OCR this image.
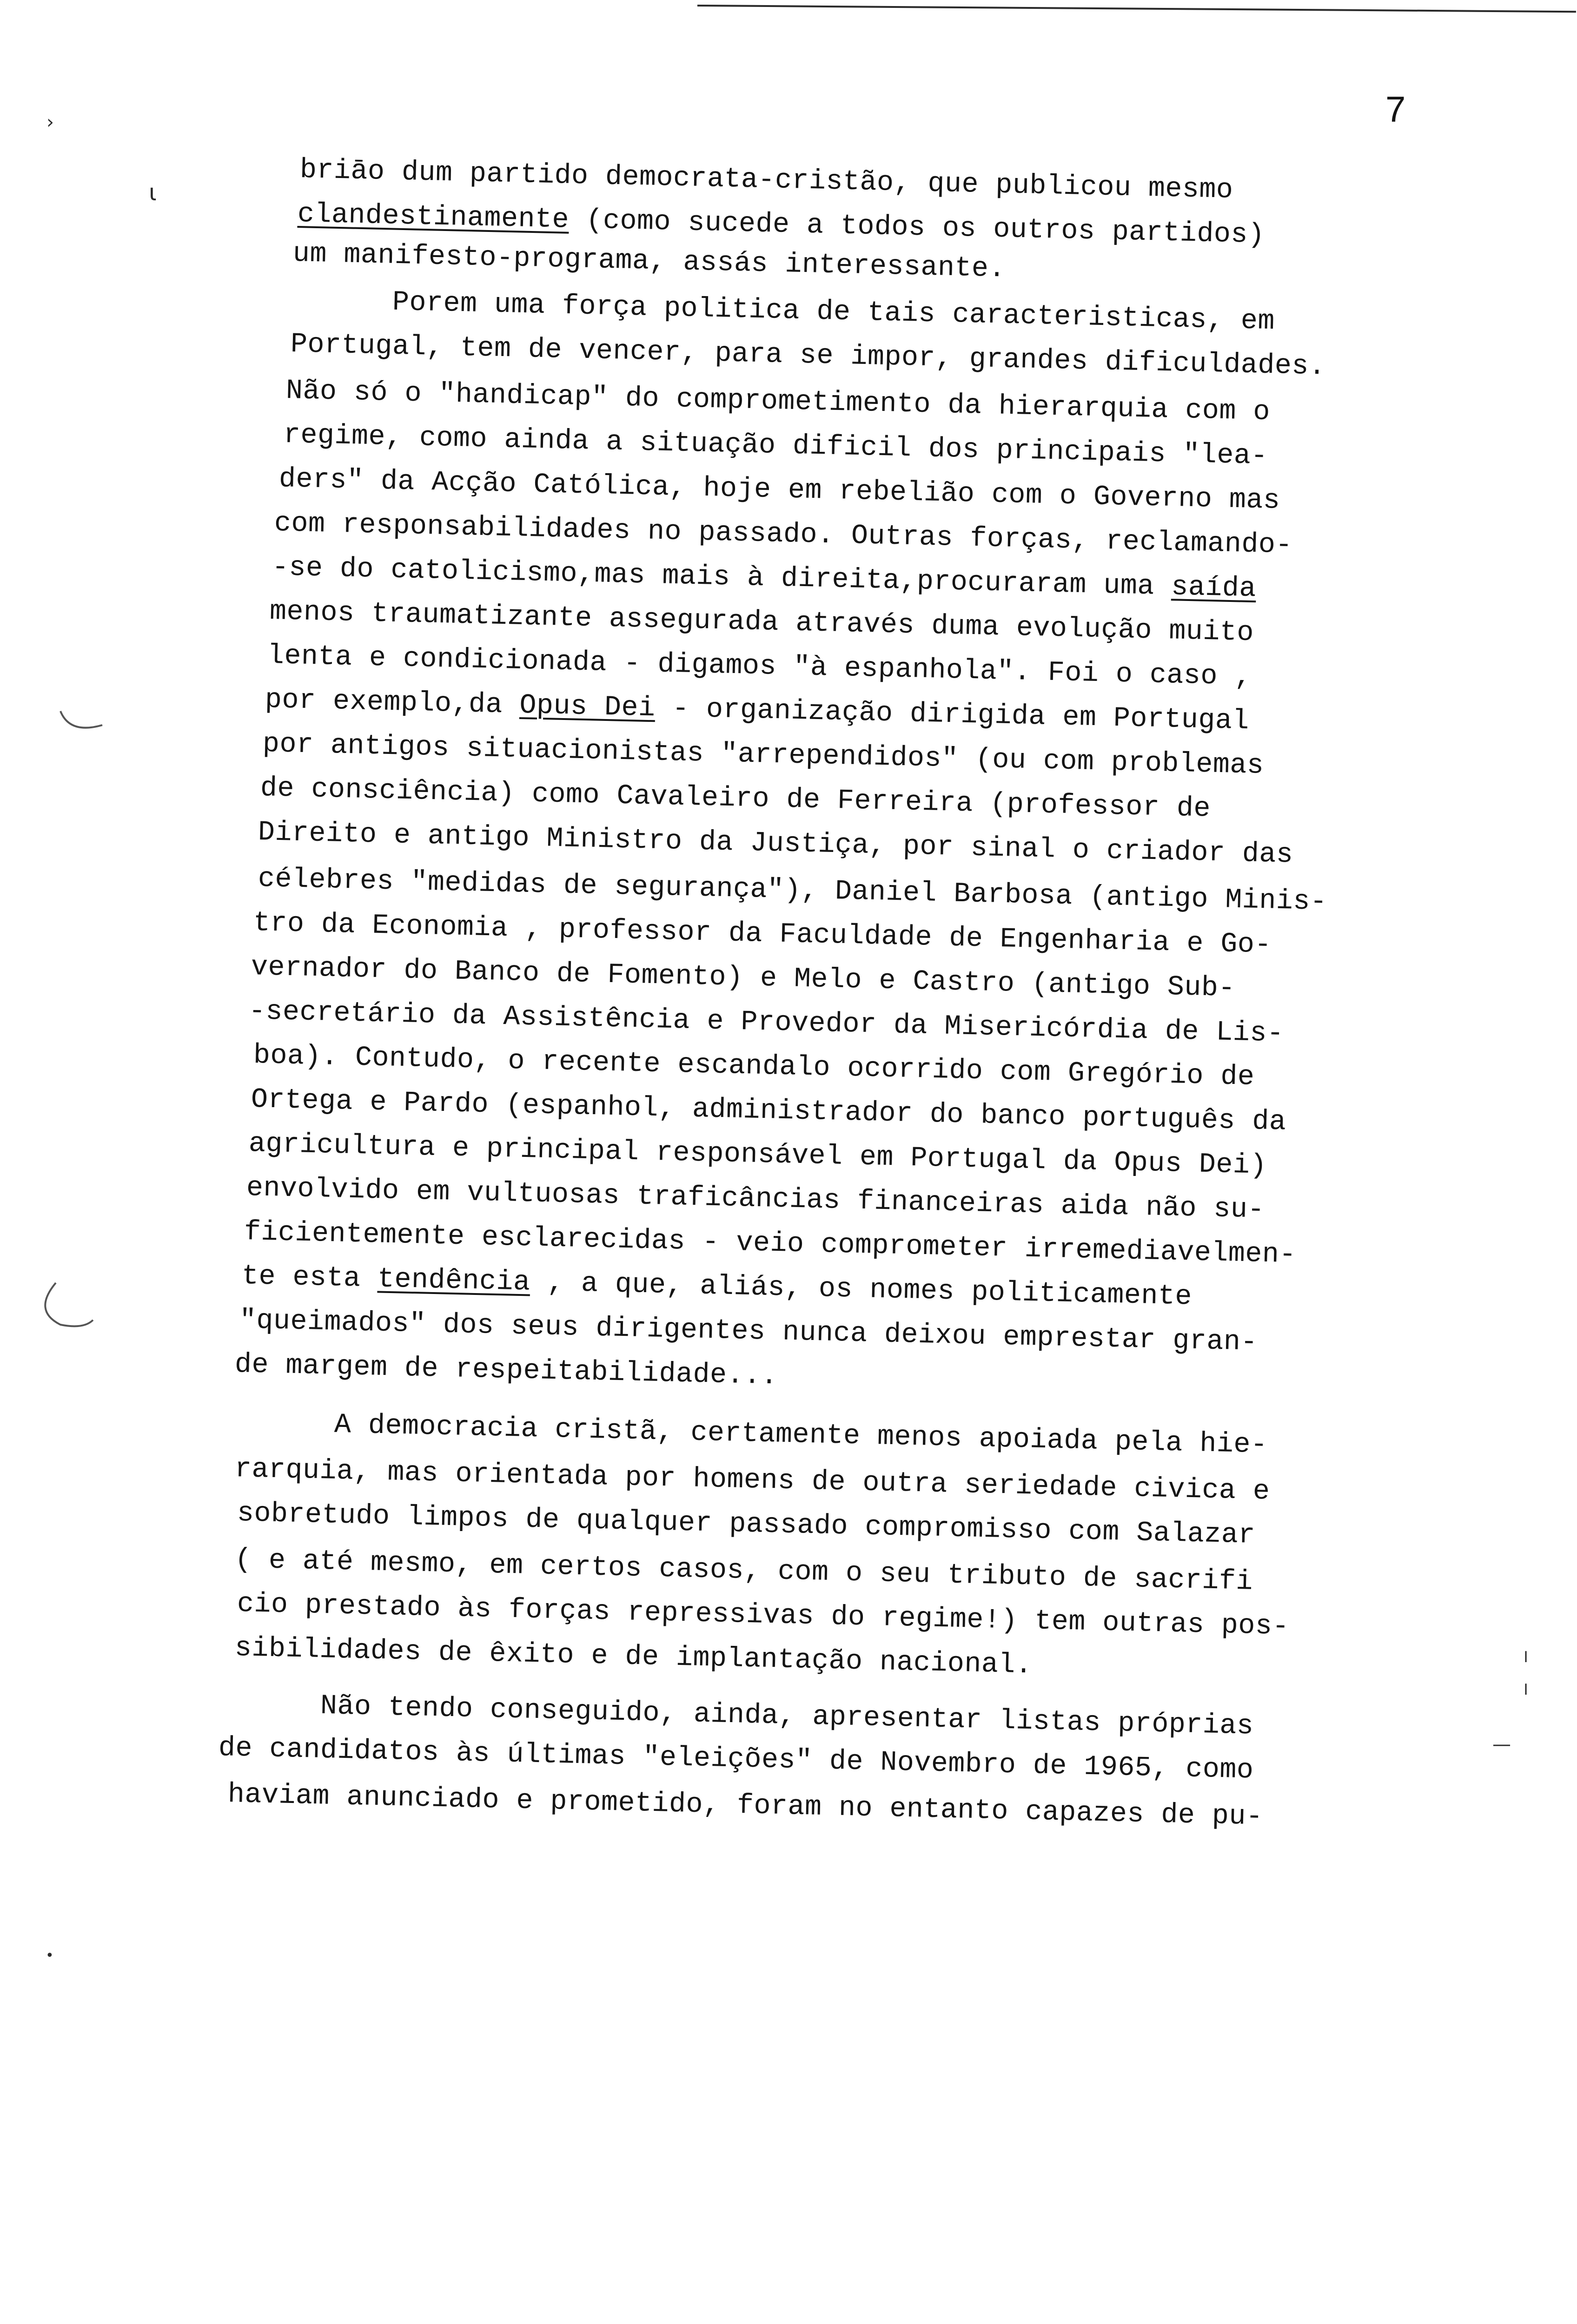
7
›
ɩ
•
╷
╷
—
briāo dum partido democrata-cristão, que publicou mesmo
clandestinamente (como sucede a todos os outros partidos)
um manifesto-programa, assás interessante.
Porem uma força politica de tais caracteristicas, em
Portugal, tem de vencer, para se impor, grandes dificuldades.
Não só o "handicap" do comprometimento da hierarquia com o
regime, como ainda a situação dificil dos principais "lea-
ders" da Acção Católica, hoje em rebelião com o Governo mas
com responsabilidades no passado. Outras forças, reclamando-
-se do catolicismo,mas mais à direita,procuraram uma saída
menos traumatizante assegurada através duma evolução muito
lenta e condicionada - digamos "à espanhola". Foi o caso ,
por exemplo,da Opus Dei - organização dirigida em Portugal
por antigos situacionistas "arrependidos" (ou com problemas
de consciência) como Cavaleiro de Ferreira (professor de
Direito e antigo Ministro da Justiça, por sinal o criador das
célebres "medidas de segurança"), Daniel Barbosa (antigo Minis-
tro da Economia , professor da Faculdade de Engenharia e Go-
vernador do Banco de Fomento) e Melo e Castro (antigo Sub-
-secretário da Assistência e Provedor da Misericórdia de Lis-
boa). Contudo, o recente escandalo ocorrido com Gregório de
Ortega e Pardo (espanhol, administrador do banco português da
agricultura e principal responsável em Portugal da Opus Dei)
envolvido em vultuosas traficâncias financeiras aida não su-
ficientemente esclarecidas - veio comprometer irremediavelmen-
te esta tendência , a que, aliás, os nomes politicamente
"queimados" dos seus dirigentes nunca deixou emprestar gran-
de margem de respeitabilidade...
A democracia cristã, certamente menos apoiada pela hie-
rarquia, mas orientada por homens de outra seriedade civica e
sobretudo limpos de qualquer passado compromisso com Salazar
( e até mesmo, em certos casos, com o seu tributo de sacrifi
cio prestado às forças repressivas do regime!) tem outras pos-
sibilidades de êxito e de implantação nacional.
Não tendo conseguido, ainda, apresentar listas próprias
de candidatos às últimas "eleições" de Novembro de 1965, como
haviam anunciado e prometido, foram no entanto capazes de pu-
